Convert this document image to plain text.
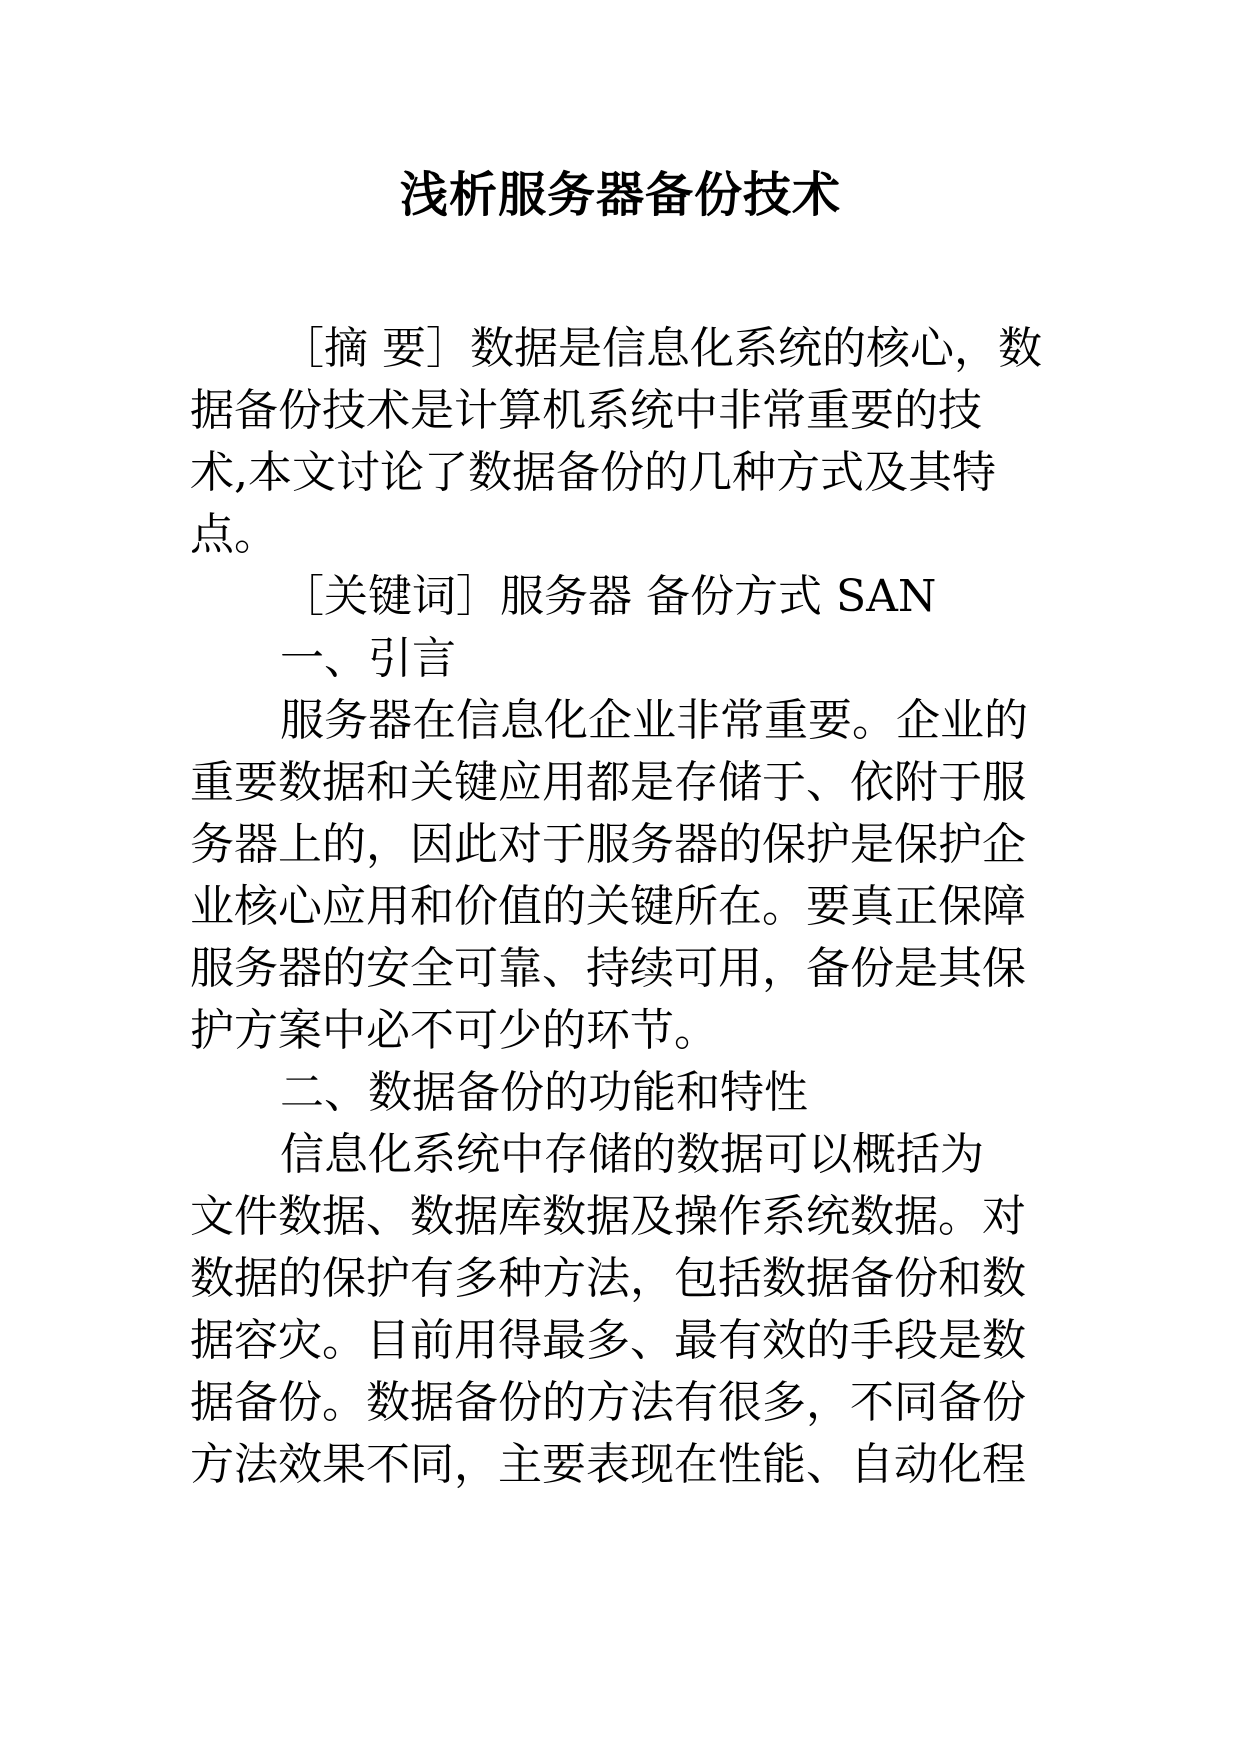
浅析服务器备份技术

［摘 要］数据是信息化系统的核心，数
据备份技术是计算机系统中非常重要的技
术,本文讨论了数据备份的几种方式及其特
点。

［关键词］服务器 备份方式 SAN

一、引言

服务器在信息化企业非常重要。企业的
重要数据和关键应用都是存储于、依附于服
务器上的，因此对于服务器的保护是保护企
业核心应用和价值的关键所在。要真正保障
服务器的安全可靠、持续可用，备份是其保
护方案中必不可少的环节。

二、数据备份的功能和特性

信息化系统中存储的数据可以概括为
文件数据、数据库数据及操作系统数据。对
数据的保护有多种方法，包括数据备份和数
据容灾。目前用得最多、最有效的手段是数
据备份。数据备份的方法有很多，不同备份
方法效果不同，主要表现在性能、自动化程
